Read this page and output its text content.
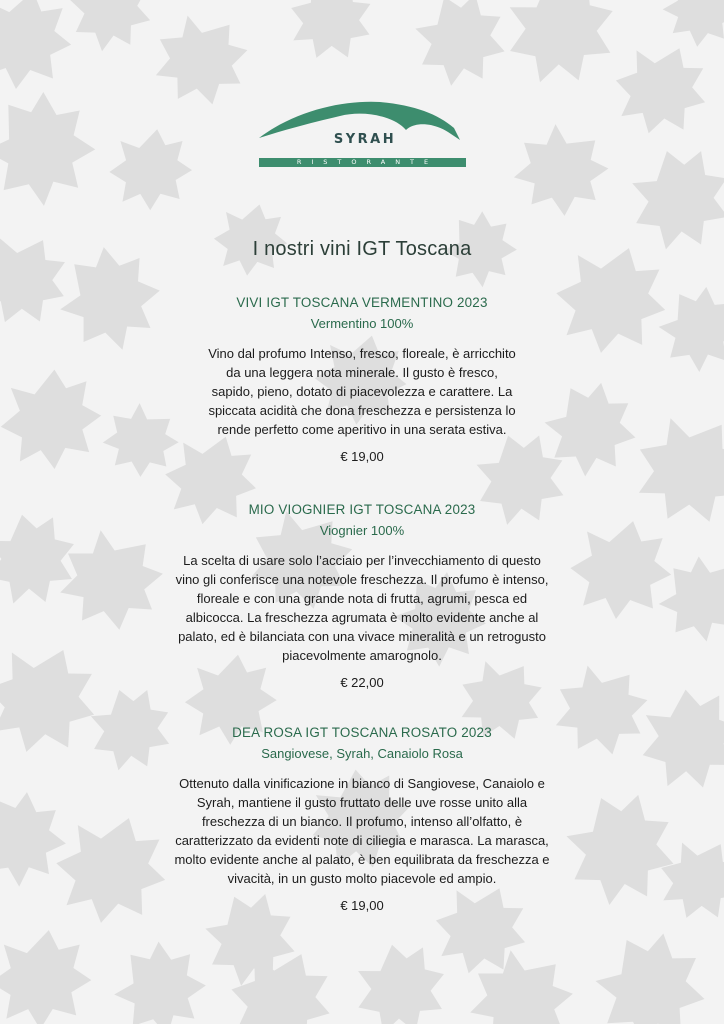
SYRAH
RISTORANTE
I nostri vini IGT Toscana
VIVI IGT TOSCANA VERMENTINO 2023
Vermentino 100%
Vino dal profumo Intenso, fresco, floreale, è arricchito da una leggera nota minerale. Il gusto è fresco, sapido, pieno, dotato di piacevolezza e carattere. La spiccata acidità che dona freschezza e persistenza lo rende perfetto come aperitivo in una serata estiva.
€ 19,00
MIO VIOGNIER IGT TOSCANA 2023
Viognier 100%
La scelta di usare solo l’acciaio per l’invecchiamento di questo vino gli conferisce una notevole freschezza. Il profumo è intenso, floreale e con una grande nota di frutta, agrumi, pesca ed albicocca. La freschezza agrumata è molto evidente anche al palato, ed è bilanciata con una vivace mineralità e un retrogusto piacevolmente amarognolo.
€ 22,00
DEA ROSA IGT TOSCANA ROSATO 2023
Sangiovese, Syrah, Canaiolo Rosa
Ottenuto dalla vinificazione in bianco di Sangiovese, Canaiolo e Syrah, mantiene il gusto fruttato delle uve rosse unito alla freschezza di un bianco. Il profumo, intenso all’olfatto, è caratterizzato da evidenti note di ciliegia e marasca. La marasca, molto evidente anche al palato, è ben equilibrata da freschezza e vivacità, in un gusto molto piacevole ed ampio.
€ 19,00
